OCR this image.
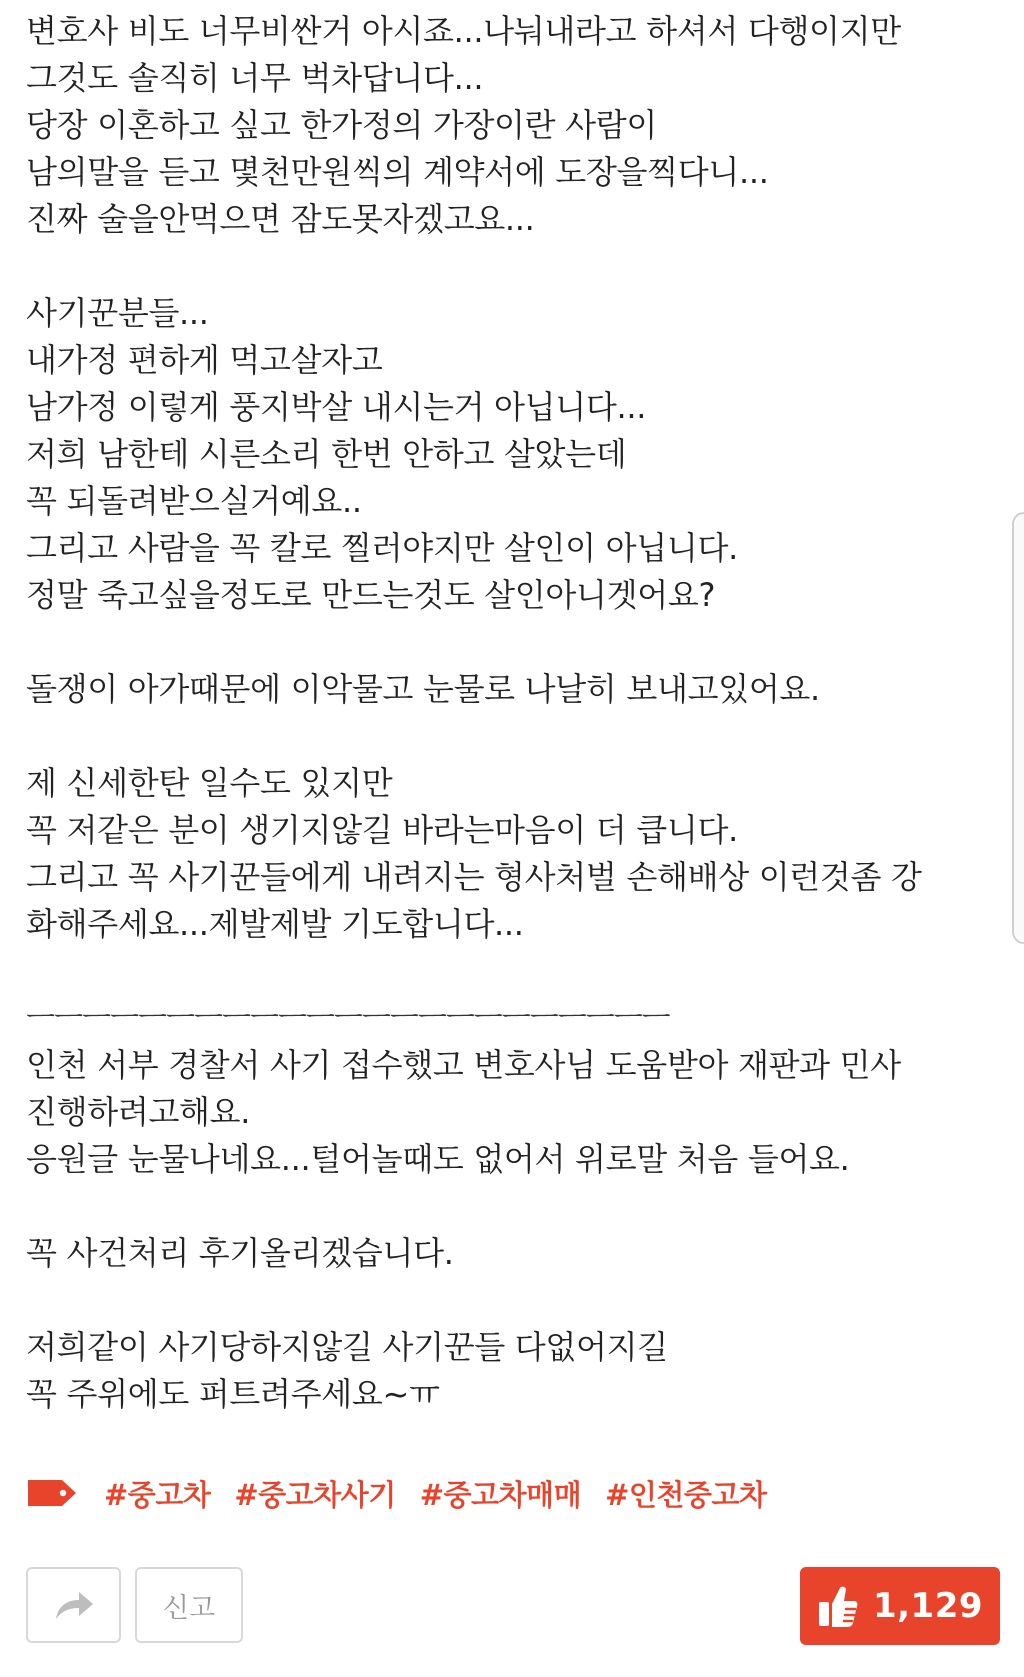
변호사 비도 너무비싼거 아시죠...나눠내라고 하셔서 다행이지만
그것도 솔직히 너무 벅차답니다...
당장 이혼하고 싶고 한가정의 가장이란 사람이
남의말을 듣고 몇천만원씩의 계약서에 도장을찍다니...
진짜 술을안먹으면 잠도못자겠고요...
사기꾼분들...
내가정 편하게 먹고살자고
남가정 이렇게 풍지박살 내시는거 아닙니다...
저희 남한테 시른소리 한번 안하고 살았는데
꼭 되돌려받으실거예요..
그리고 사람을 꼭 칼로 찔러야지만 살인이 아닙니다.
정말 죽고싶을정도로 만드는것도 살인아니겟어요?
돌쟁이 아가때문에 이악물고 눈물로 나날히 보내고있어요.
제 신세한탄 일수도 있지만
꼭 저같은 분이 생기지않길 바라는마음이 더 큽니다.
그리고 꼭 사기꾼들에게 내려지는 형사처벌 손해배상 이런것좀 강
화해주세요...제발제발 기도합니다...
ㅡㅡㅡㅡㅡㅡㅡㅡㅡㅡㅡㅡㅡㅡㅡㅡㅡㅡㅡㅡㅡㅡㅡ
인천 서부 경찰서 사기 접수했고 변호사님 도움받아 재판과 민사
진행하려고해요.
응원글 눈물나네요...털어놀때도 없어서 위로말 처음 들어요.
꼭 사건처리 후기올리겠습니다.
저희같이 사기당하지않길 사기꾼들 다없어지길
꼭 주위에도 퍼트려주세요~ㅠ
#중고차 #중고차사기 #중고차매매 #인천중고차
신고	1,129
